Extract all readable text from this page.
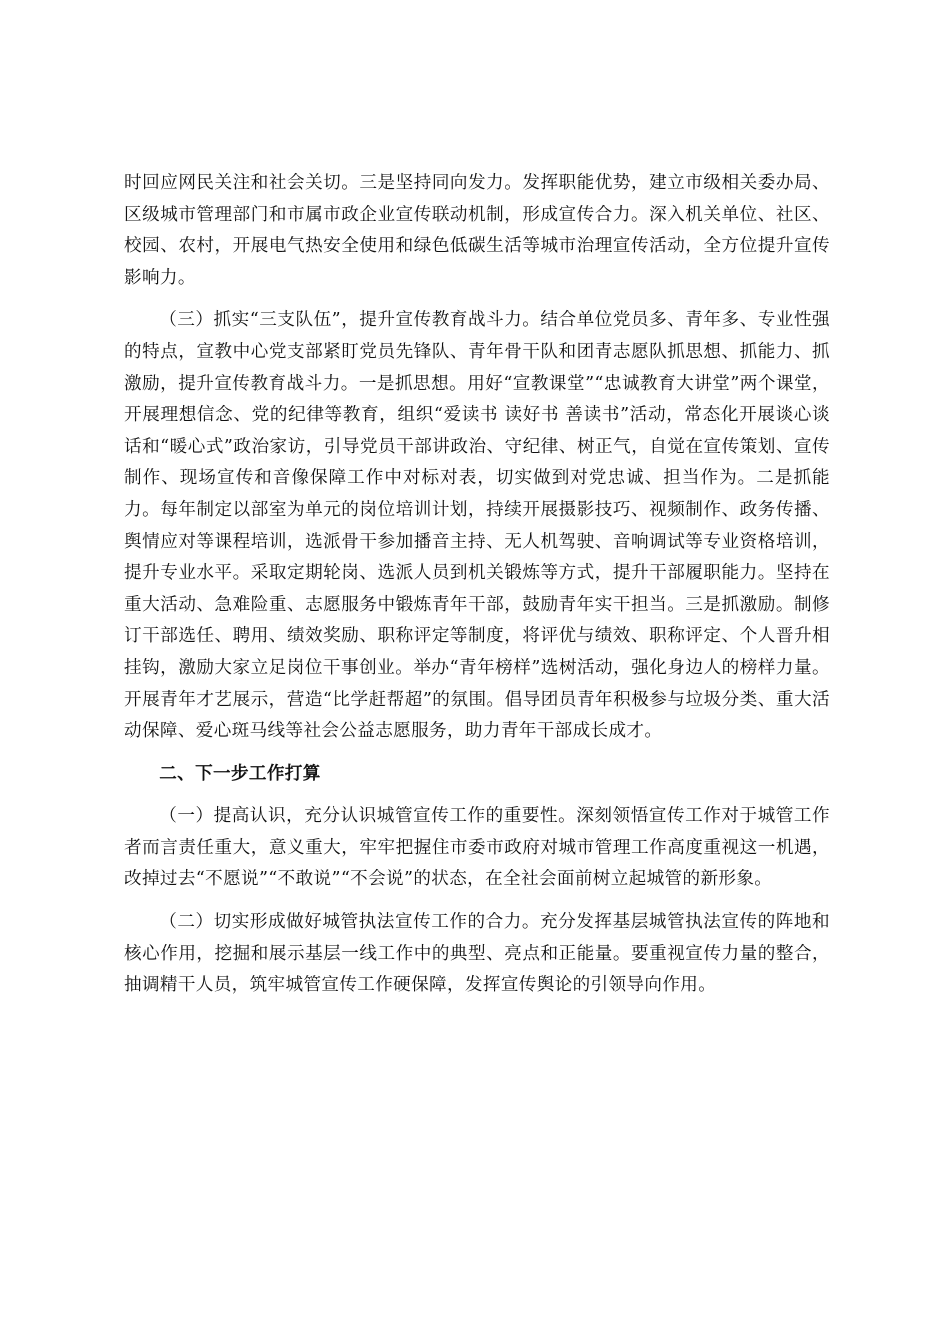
时回应网民关注和社会关切。三是坚持同向发力。发挥职能优势，建立市级相关委办局、区级城市管理部门和市属市政企业宣传联动机制，形成宣传合力。深入机关单位、社区、校园、农村，开展电气热安全使用和绿色低碳生活等城市治理宣传活动，全方位提升宣传影响力。

（三）抓实“三支队伍”，提升宣传教育战斗力。结合单位党员多、青年多、专业性强的特点，宣教中心党支部紧盯党员先锋队、青年骨干队和团青志愿队抓思想、抓能力、抓激励，提升宣传教育战斗力。一是抓思想。用好“宣教课堂”“忠诚教育大讲堂”两个课堂，开展理想信念、党的纪律等教育，组织“爱读书 读好书 善读书”活动，常态化开展谈心谈话和“暖心式”政治家访，引导党员干部讲政治、守纪律、树正气，自觉在宣传策划、宣传制作、现场宣传和音像保障工作中对标对表，切实做到对党忠诚、担当作为。二是抓能力。每年制定以部室为单元的岗位培训计划，持续开展摄影技巧、视频制作、政务传播、舆情应对等课程培训，选派骨干参加播音主持、无人机驾驶、音响调试等专业资格培训，提升专业水平。采取定期轮岗、选派人员到机关锻炼等方式，提升干部履职能力。坚持在重大活动、急难险重、志愿服务中锻炼青年干部，鼓励青年实干担当。三是抓激励。制修订干部选任、聘用、绩效奖励、职称评定等制度，将评优与绩效、职称评定、个人晋升相挂钩，激励大家立足岗位干事创业。举办“青年榜样”选树活动，强化身边人的榜样力量。开展青年才艺展示，营造“比学赶帮超”的氛围。倡导团员青年积极参与垃圾分类、重大活动保障、爱心斑马线等社会公益志愿服务，助力青年干部成长成才。

二、下一步工作打算

（一）提高认识，充分认识城管宣传工作的重要性。深刻领悟宣传工作对于城管工作者而言责任重大，意义重大，牢牢把握住市委市政府对城市管理工作高度重视这一机遇，改掉过去“不愿说”“不敢说”“不会说”的状态，在全社会面前树立起城管的新形象。

（二）切实形成做好城管执法宣传工作的合力。充分发挥基层城管执法宣传的阵地和核心作用，挖掘和展示基层一线工作中的典型、亮点和正能量。要重视宣传力量的整合，抽调精干人员，筑牢城管宣传工作硬保障，发挥宣传舆论的引领导向作用。
